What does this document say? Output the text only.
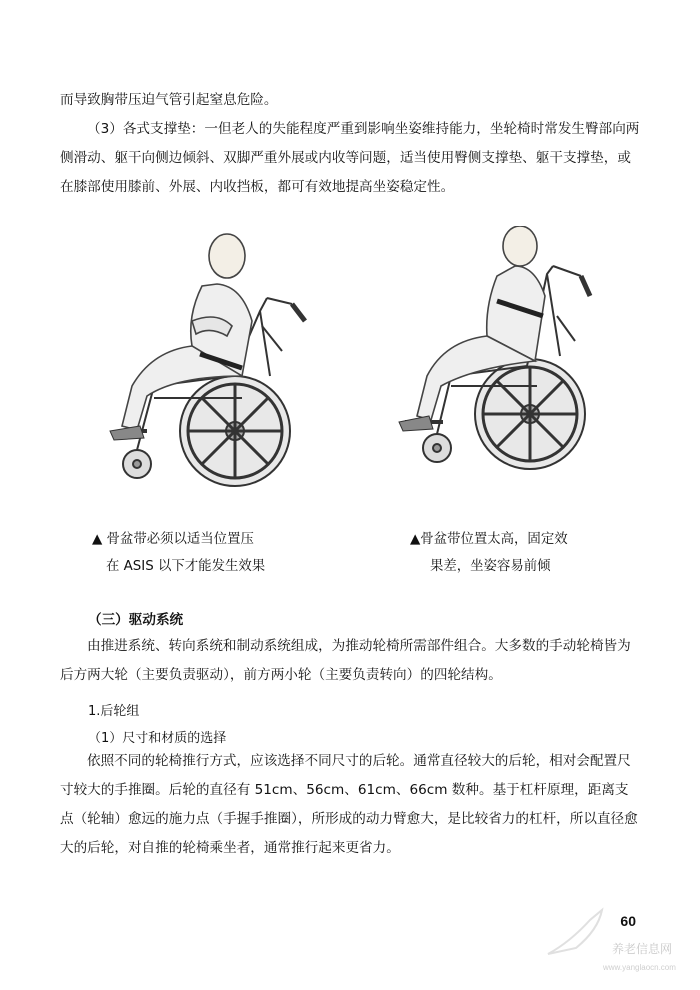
而导致胸带压迫气管引起窒息危险。

（3）各式支撑垫：一但老人的失能程度严重到影响坐姿维持能力，坐轮椅时常发生臀部向两侧滑动、躯干向侧边倾斜、双脚严重外展或内收等问题，适当使用臀侧支撑垫、躯干支撑垫，或在膝部使用膝前、外展、内收挡板，都可有效地提高坐姿稳定性。

▲ 骨盆带必须以适当位置压
在 ASIS 以下才能发生效果
▲骨盆带位置太高，固定效
果差，坐姿容易前倾

（三）驱动系统

由推进系统、转向系统和制动系统组成，为推动轮椅所需部件组合。大多数的手动轮椅皆为后方两大轮（主要负责驱动），前方两小轮（主要负责转向）的四轮结构。

1.后轮组

（1）尺寸和材质的选择

依照不同的轮椅推行方式，应该选择不同尺寸的后轮。通常直径较大的后轮，相对会配置尺寸较大的手推圈。后轮的直径有 51cm、56cm、61cm、66cm 数种。基于杠杆原理，距离支点（轮轴）愈远的施力点（手握手推圈），所形成的动力臂愈大，是比较省力的杠杆，所以直径愈大的后轮，对自推的轮椅乘坐者，通常推行起来更省力。

60
养老信息网
www.yanglaocn.com
